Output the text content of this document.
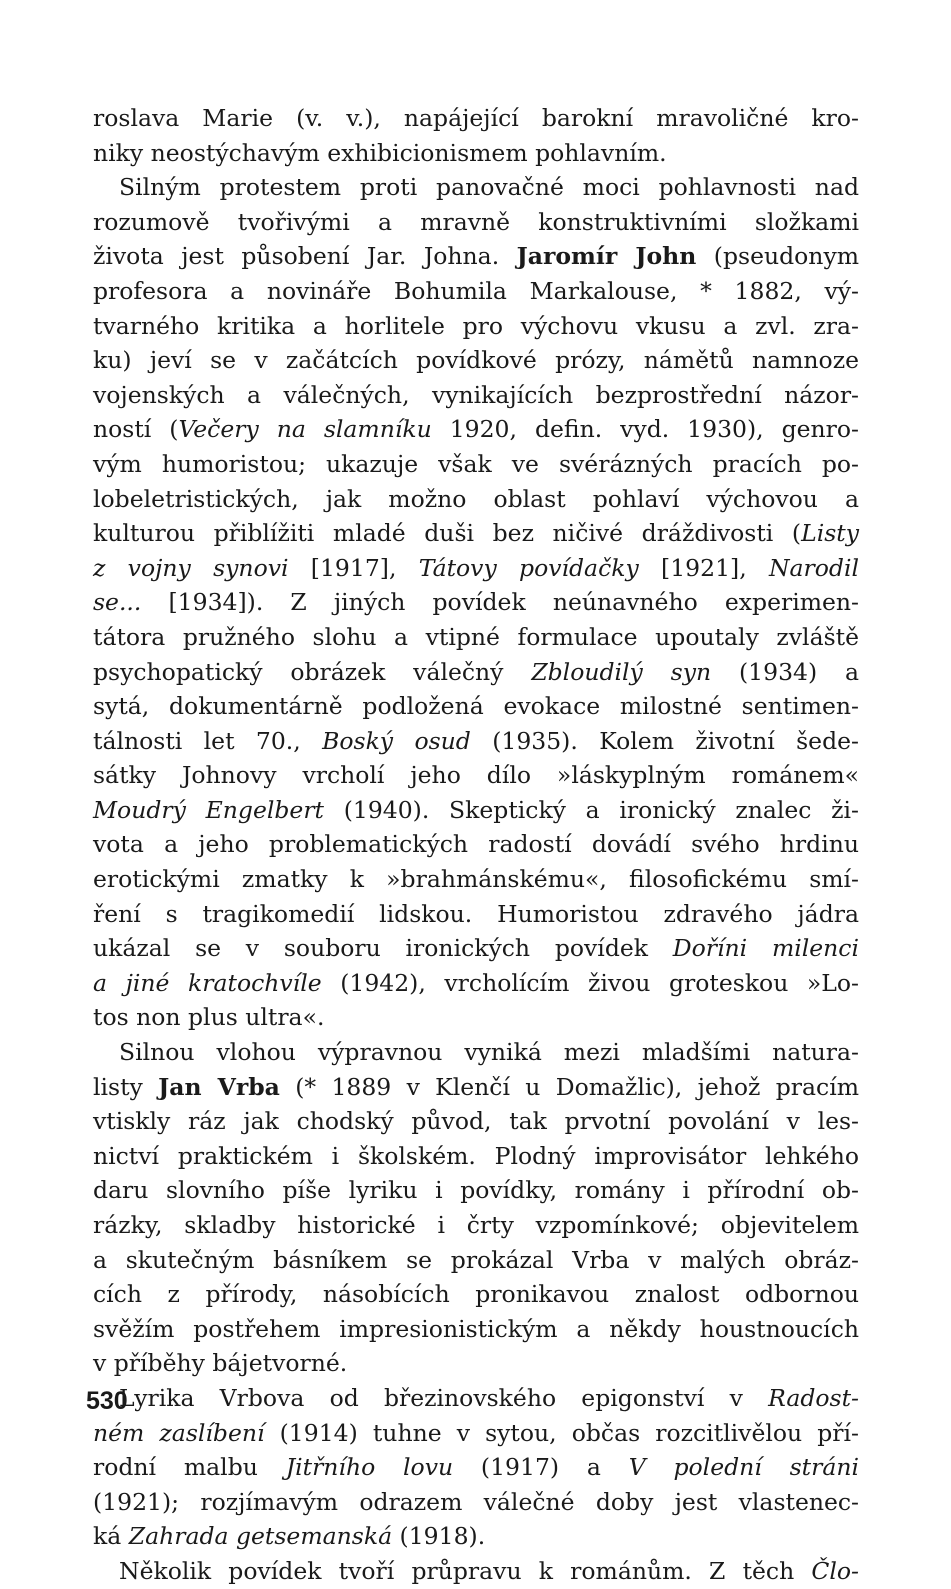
roslava Marie (v. v.), napájející barokní mravoličné kro-
niky neostýchavým exhibicionismem pohlavním.
Silným protestem proti panovačné moci pohlavnosti nad
rozumově tvořivými a mravně konstruktivními složkami
života jest působení Jar. Johna. Jaromír John (pseudonym
profesora a novináře Bohumila Markalouse, * 1882, vý-
tvarného kritika a horlitele pro výchovu vkusu a zvl. zra-
ku) jeví se v začátcích povídkové prózy, námětů namnoze
vojenských a válečných, vynikajících bezprostřední názor-
ností (Večery na slamníku 1920, defin. vyd. 1930), genro-
vým humoristou; ukazuje však ve svérázných pracích po-
lobeletristických, jak možno oblast pohlaví výchovou a
kulturou přiblížiti mladé duši bez ničivé dráždivosti (Listy
z vojny synovi [1917], Tátovy povídačky [1921], Narodil
se... [1934]). Z jiných povídek neúnavného experimen-
tátora pružného slohu a vtipné formulace upoutaly zvláště
psychopatický obrázek válečný Zbloudilý syn (1934) a
sytá, dokumentárně podložená evokace milostné sentimen-
tálnosti let 70., Boský osud (1935). Kolem životní šede-
sátky Johnovy vrcholí jeho dílo »láskyplným románem«
Moudrý Engelbert (1940). Skeptický a ironický znalec ži-
vota a jeho problematických radostí dovádí svého hrdinu
erotickými zmatky k »brahmánskému«, filosofickému smí-
ření s tragikomedií lidskou. Humoristou zdravého jádra
ukázal se v souboru ironických povídek Doříni milenci
a jiné kratochvíle (1942), vrcholícím živou groteskou »Lo-
tos non plus ultra«.
Silnou vlohou výpravnou vyniká mezi mladšími natura-
listy Jan Vrba (* 1889 v Klenčí u Domažlic), jehož pracím
vtiskly ráz jak chodský původ, tak prvotní povolání v les-
nictví praktickém i školském. Plodný improvisátor lehkého
daru slovního píše lyriku i povídky, romány i přírodní ob-
rázky, skladby historické i črty vzpomínkové; objevitelem
a skutečným básníkem se prokázal Vrba v malých obráz-
cích z přírody, násobících pronikavou znalost odbornou
svěžím postřehem impresionistickým a někdy houstnoucích
v příběhy bájetvorné.
Lyrika Vrbova od březinovského epigonství v Radost-
ném zaslíbení (1914) tuhne v sytou, občas rozcitlivělou pří-
rodní malbu Jitřního lovu (1917) a V polední stráni
(1921); rozjímavým odrazem válečné doby jest vlastenec-
ká Zahrada getsemanská (1918).
Několik povídek tvoří průpravu k románům. Z těch Člo-
530
